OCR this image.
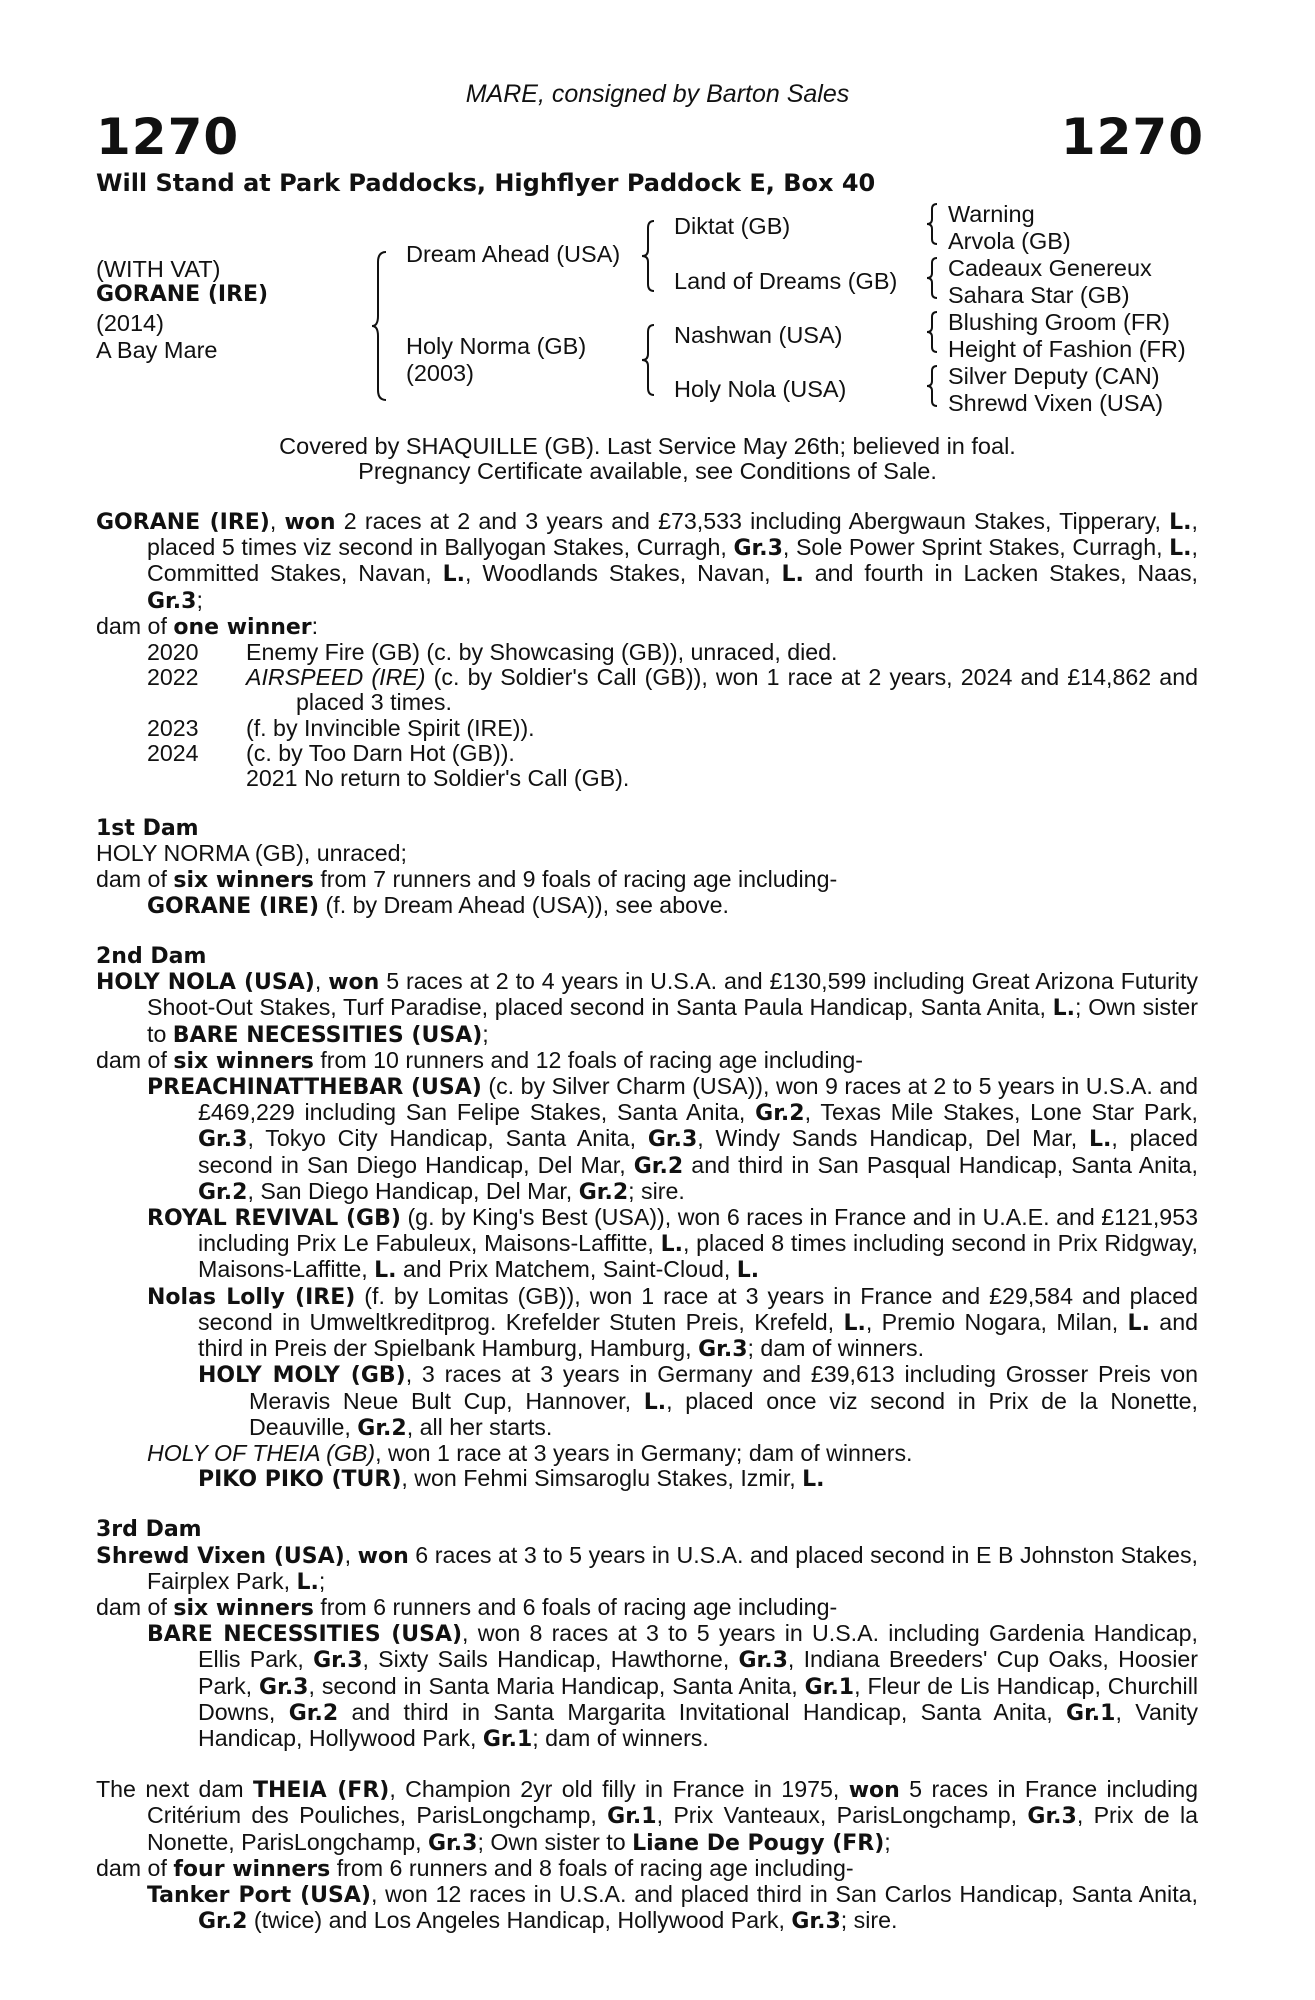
MARE, consigned by Barton Sales
1270	1270
Will Stand at Park Paddocks, Highflyer Paddock E, Box 40
(WITH VAT)
GORANE (IRE)
(2014)
A Bay Mare
Dream Ahead (USA)
Holy Norma (GB)
(2003)
Diktat (GB)
Land of Dreams (GB)
Nashwan (USA)
Holy Nola (USA)
Warning
Arvola (GB)
Cadeaux Genereux
Sahara Star (GB)
Blushing Groom (FR)
Height of Fashion (FR)
Silver Deputy (CAN)
Shrewd Vixen (USA)
Covered by SHAQUILLE (GB). Last Service May 26th; believed in foal.
Pregnancy Certificate available, see Conditions of Sale.

GORANE (IRE), won 2 races at 2 and 3 years and £73,533 including Abergwaun Stakes, Tipperary, L., placed 5 times viz second in Ballyogan Stakes, Curragh, Gr.3, Sole Power Sprint Stakes, Curragh, L., Committed Stakes, Navan, L., Woodlands Stakes, Navan, L. and fourth in Lacken Stakes, Naas, Gr.3;

dam of one winner:

2020	Enemy Fire (GB) (c. by Showcasing (GB)), unraced, died.
2022	AIRSPEED (IRE) (c. by Soldier's Call (GB)), won 1 race at 2 years, 2024 and £14,862 and placed 3 times.
2023	(f. by Invincible Spirit (IRE)).
2024	(c. by Too Darn Hot (GB)).
2021 No return to Soldier's Call (GB).

1st Dam

HOLY NORMA (GB), unraced;

dam of six winners from 7 runners and 9 foals of racing age including-

GORANE (IRE) (f. by Dream Ahead (USA)), see above.

2nd Dam

HOLY NOLA (USA), won 5 races at 2 to 4 years in U.S.A. and £130,599 including Great Arizona Futurity Shoot-Out Stakes, Turf Paradise, placed second in Santa Paula Handicap, Santa Anita, L.; Own sister to BARE NECESSITIES (USA);

dam of six winners from 10 runners and 12 foals of racing age including-

PREACHINATTHEBAR (USA) (c. by Silver Charm (USA)), won 9 races at 2 to 5 years in U.S.A. and £469,229 including San Felipe Stakes, Santa Anita, Gr.2, Texas Mile Stakes, Lone Star Park, Gr.3, Tokyo City Handicap, Santa Anita, Gr.3, Windy Sands Handicap, Del Mar, L., placed second in San Diego Handicap, Del Mar, Gr.2 and third in San Pasqual Handicap, Santa Anita, Gr.2, San Diego Handicap, Del Mar, Gr.2; sire.

ROYAL REVIVAL (GB) (g. by King's Best (USA)), won 6 races in France and in U.A.E. and £121,953 including Prix Le Fabuleux, Maisons-Laffitte, L., placed 8 times including second in Prix Ridgway, Maisons-Laffitte, L. and Prix Matchem, Saint-Cloud, L.

Nolas Lolly (IRE) (f. by Lomitas (GB)), won 1 race at 3 years in France and £29,584 and placed second in Umweltkreditprog. Krefelder Stuten Preis, Krefeld, L., Premio Nogara, Milan, L. and third in Preis der Spielbank Hamburg, Hamburg, Gr.3; dam of winners.

HOLY MOLY (GB), 3 races at 3 years in Germany and £39,613 including Grosser Preis von Meravis Neue Bult Cup, Hannover, L., placed once viz second in Prix de la Nonette, Deauville, Gr.2, all her starts.

HOLY OF THEIA (GB), won 1 race at 3 years in Germany; dam of winners.

PIKO PIKO (TUR), won Fehmi Simsaroglu Stakes, Izmir, L.

3rd Dam

Shrewd Vixen (USA), won 6 races at 3 to 5 years in U.S.A. and placed second in E B Johnston Stakes, Fairplex Park, L.;

dam of six winners from 6 runners and 6 foals of racing age including-

BARE NECESSITIES (USA), won 8 races at 3 to 5 years in U.S.A. including Gardenia Handicap, Ellis Park, Gr.3, Sixty Sails Handicap, Hawthorne, Gr.3, Indiana Breeders' Cup Oaks, Hoosier Park, Gr.3, second in Santa Maria Handicap, Santa Anita, Gr.1, Fleur de Lis Handicap, Churchill Downs, Gr.2 and third in Santa Margarita Invitational Handicap, Santa Anita, Gr.1, Vanity Handicap, Hollywood Park, Gr.1; dam of winners.

The next dam THEIA (FR), Champion 2yr old filly in France in 1975, won 5 races in France including Critérium des Pouliches, ParisLongchamp, Gr.1, Prix Vanteaux, ParisLongchamp, Gr.3, Prix de la Nonette, ParisLongchamp, Gr.3; Own sister to Liane De Pougy (FR);

dam of four winners from 6 runners and 8 foals of racing age including-

Tanker Port (USA), won 12 races in U.S.A. and placed third in San Carlos Handicap, Santa Anita, Gr.2 (twice) and Los Angeles Handicap, Hollywood Park, Gr.3; sire.
